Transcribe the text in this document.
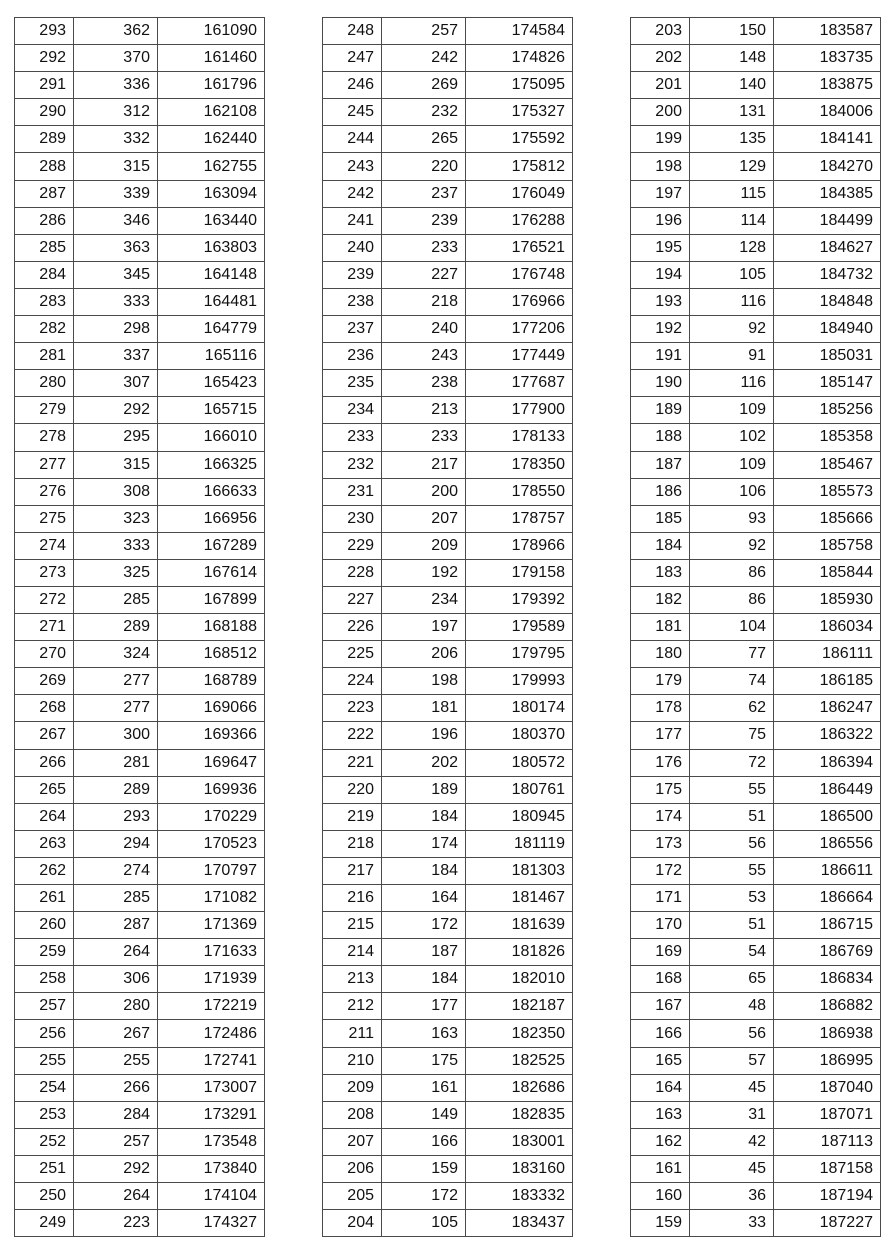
293	362	161090
292	370	161460
291	336	161796
290	312	162108
289	332	162440
288	315	162755
287	339	163094
286	346	163440
285	363	163803
284	345	164148
283	333	164481
282	298	164779
281	337	165116
280	307	165423
279	292	165715
278	295	166010
277	315	166325
276	308	166633
275	323	166956
274	333	167289
273	325	167614
272	285	167899
271	289	168188
270	324	168512
269	277	168789
268	277	169066
267	300	169366
266	281	169647
265	289	169936
264	293	170229
263	294	170523
262	274	170797
261	285	171082
260	287	171369
259	264	171633
258	306	171939
257	280	172219
256	267	172486
255	255	172741
254	266	173007
253	284	173291
252	257	173548
251	292	173840
250	264	174104
249	223	174327
248	257	174584
247	242	174826
246	269	175095
245	232	175327
244	265	175592
243	220	175812
242	237	176049
241	239	176288
240	233	176521
239	227	176748
238	218	176966
237	240	177206
236	243	177449
235	238	177687
234	213	177900
233	233	178133
232	217	178350
231	200	178550
230	207	178757
229	209	178966
228	192	179158
227	234	179392
226	197	179589
225	206	179795
224	198	179993
223	181	180174
222	196	180370
221	202	180572
220	189	180761
219	184	180945
218	174	181119
217	184	181303
216	164	181467
215	172	181639
214	187	181826
213	184	182010
212	177	182187
211	163	182350
210	175	182525
209	161	182686
208	149	182835
207	166	183001
206	159	183160
205	172	183332
204	105	183437
203	150	183587
202	148	183735
201	140	183875
200	131	184006
199	135	184141
198	129	184270
197	115	184385
196	114	184499
195	128	184627
194	105	184732
193	116	184848
192	92	184940
191	91	185031
190	116	185147
189	109	185256
188	102	185358
187	109	185467
186	106	185573
185	93	185666
184	92	185758
183	86	185844
182	86	185930
181	104	186034
180	77	186111
179	74	186185
178	62	186247
177	75	186322
176	72	186394
175	55	186449
174	51	186500
173	56	186556
172	55	186611
171	53	186664
170	51	186715
169	54	186769
168	65	186834
167	48	186882
166	56	186938
165	57	186995
164	45	187040
163	31	187071
162	42	187113
161	45	187158
160	36	187194
159	33	187227
